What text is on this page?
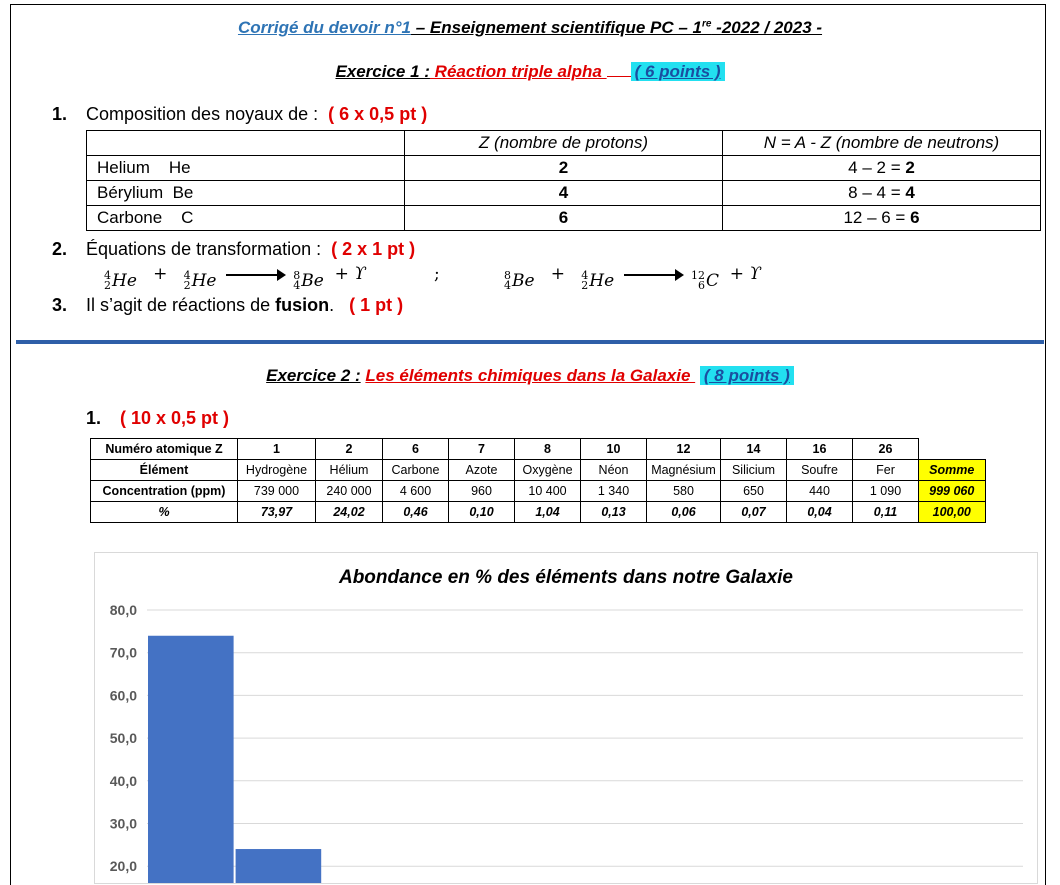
Corrigé du devoir n°1 – Enseignement scientifique PC – 1re -2022 / 2023 -
Exercice 1 : Réaction triple alpha ( 6 points )
1. Composition des noyaux de : ( 6 x 0,5 pt )
	Z (nombre de protons)	N = A - Z (nombre de neutrons)
Helium He	2	4 – 2 = 2
Bérylium Be	4	8 – 4 = 4
Carbone C	6	12 – 6 = 6
2. Équations de transformation : ( 2 x 1 pt )
4
2 He + 4
2 He → 8
4 Be + ϒ	;	8
4 Be + 4
2 He → 12
6 C + ϒ
3. Il s’agit de réactions de fusion. ( 1 pt )
Exercice 2 : Les éléments chimiques dans la Galaxie  ( 8 points )
1. ( 10 x 0,5 pt )
Numéro atomique Z	1	2	6	7	8	10	12	14	16	26	
Élément	Hydrogène	Hélium	Carbone	Azote	Oxygène	Néon	Magnésium	Silicium	Soufre	Fer	Somme
Concentration (ppm)	739 000	240 000	4 600	960	10 400	1 340	580	650	440	1 090	999 060
%	73,97	24,02	0,46	0,10	1,04	0,13	0,06	0,07	0,04	0,11	100,00
Abondance en % des éléments dans notre Galaxie
20,0
30,0
40,0
50,0
60,0
70,0
80,0
